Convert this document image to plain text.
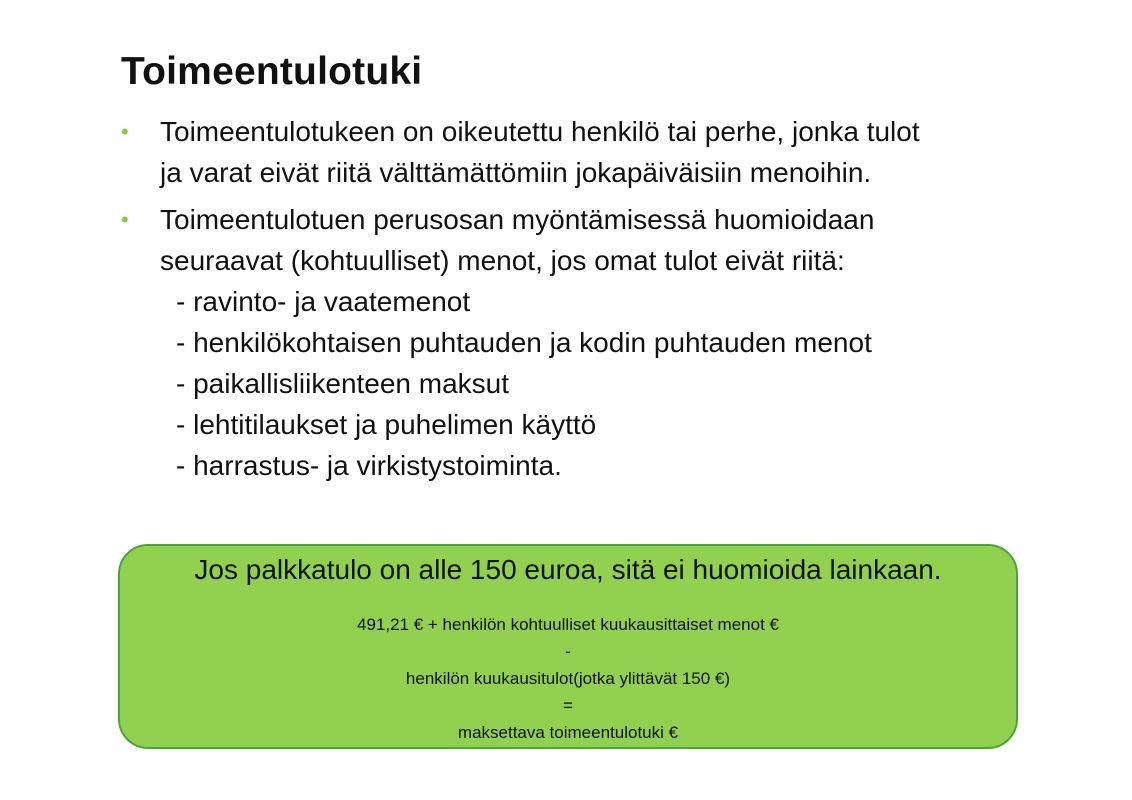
Toimeentulotuki
• Toimeentulotukeen on oikeutettu henkilö tai perhe, jonka tulot
ja varat eivät riitä välttämättömiin jokapäiväisiin menoihin.
• Toimeentulotuen perusosan myöntämisessä huomioidaan
seuraavat (kohtuulliset) menot, jos omat tulot eivät riitä:
- ravinto- ja vaatemenot
- henkilökohtaisen puhtauden ja kodin puhtauden menot
- paikallisliikenteen maksut
- lehtitilaukset ja puhelimen käyttö
- harrastus- ja virkistystoiminta.
Jos palkkatulo on alle 150 euroa, sitä ei huomioida lainkaan.
491,21 € + henkilön kohtuulliset kuukausittaiset menot €
-
henkilön kuukausitulot(jotka ylittävät 150 €)
=
maksettava toimeentulotuki €
